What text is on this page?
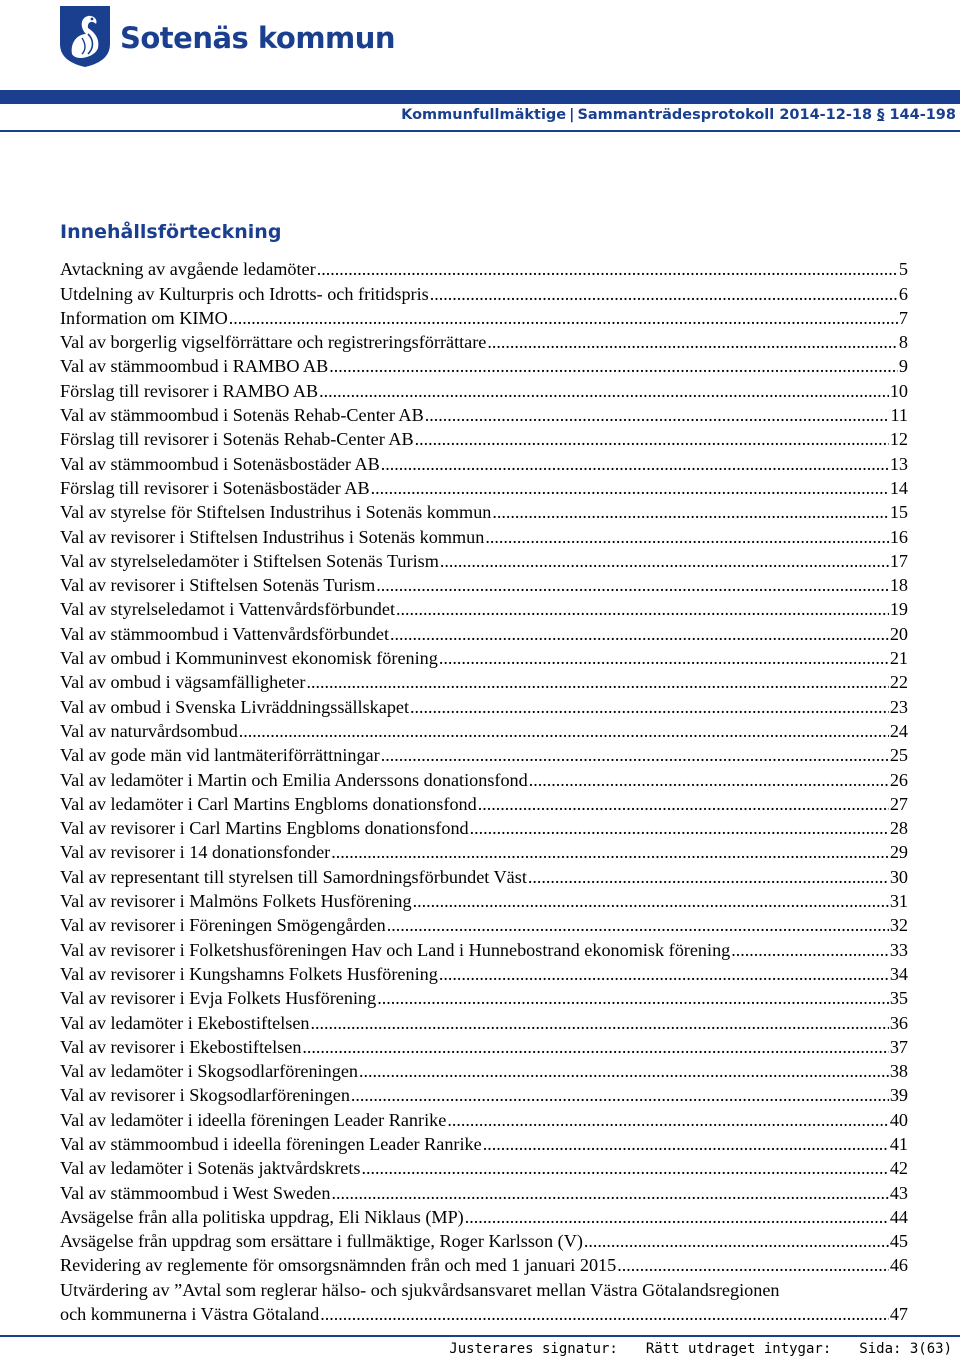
Sotenäs kommun
Kommunfullmäktige | Sammanträdesprotokoll 2014-12-18 § 144-198
Innehållsförteckning
Avtackning av avgående ledamöter .....	5
Utdelning av Kulturpris och Idrotts- och fritidspris .....	6
Information om KIMO .....	7
Val av borgerlig vigselförrättare och registreringsförrättare .....	8
Val av stämmoombud i RAMBO AB .....	9
Förslag till revisorer i RAMBO AB .....	10
Val av stämmoombud i Sotenäs Rehab-Center AB .....	11
Förslag till revisorer i Sotenäs Rehab-Center AB .....	12
Val av stämmoombud i Sotenäsbostäder AB .....	13
Förslag till revisorer i Sotenäsbostäder AB .....	14
Val av styrelse för Stiftelsen Industrihus i Sotenäs kommun .....	15
Val av revisorer i Stiftelsen Industrihus i Sotenäs kommun .....	16
Val av styrelseledamöter i Stiftelsen Sotenäs Turism .....	17
Val av revisorer i Stiftelsen Sotenäs Turism .....	18
Val av styrelseledamot i Vattenvårdsförbundet .....	19
Val av stämmoombud i Vattenvårdsförbundet .....	20
Val av ombud i Kommuninvest ekonomisk förening .....	21
Val av ombud i vägsamfälligheter .....	22
Val av ombud i Svenska Livräddningssällskapet .....	23
Val av naturvårdsombud .....	24
Val av gode män vid lantmäteriförrättningar .....	25
Val av ledamöter i Martin och Emilia Anderssons donationsfond .....	26
Val av ledamöter i Carl Martins Engbloms donationsfond .....	27
Val av revisorer i Carl Martins Engbloms donationsfond .....	28
Val av revisorer i 14 donationsfonder .....	29
Val av representant till styrelsen till Samordningsförbundet Väst .....	30
Val av revisorer i Malmöns Folkets Husförening .....	31
Val av revisorer i Föreningen Smögengården .....	32
Val av revisorer i Folketshusföreningen Hav och Land i Hunnebostrand ekonomisk förening .....	33
Val av revisorer i Kungshamns Folkets Husförening .....	34
Val av revisorer i Evja Folkets Husförening .....	35
Val av ledamöter i Ekebostiftelsen .....	36
Val av revisorer i Ekebostiftelsen .....	37
Val av ledamöter i Skogsodlarföreningen .....	38
Val av revisorer i Skogsodlarföreningen .....	39
Val av ledamöter i ideella föreningen Leader Ranrike .....	40
Val av stämmoombud i ideella föreningen Leader Ranrike .....	41
Val av ledamöter i Sotenäs jaktvårdskrets .....	42
Val av stämmoombud i West Sweden .....	43
Avsägelse från alla politiska uppdrag, Eli Niklaus (MP) .....	44
Avsägelse från uppdrag som ersättare i fullmäktige, Roger Karlsson (V) .....	45
Revidering av reglemente för omsorgsnämnden från och med 1 januari 2015 .....	46
Utvärdering av ”Avtal som reglerar hälso- och sjukvårdsansvaret mellan Västra Götalandsregionen
och kommunerna i Västra Götaland .....	47
Justerares signatur: Rätt utdraget intygar: Sida: 3(63)
